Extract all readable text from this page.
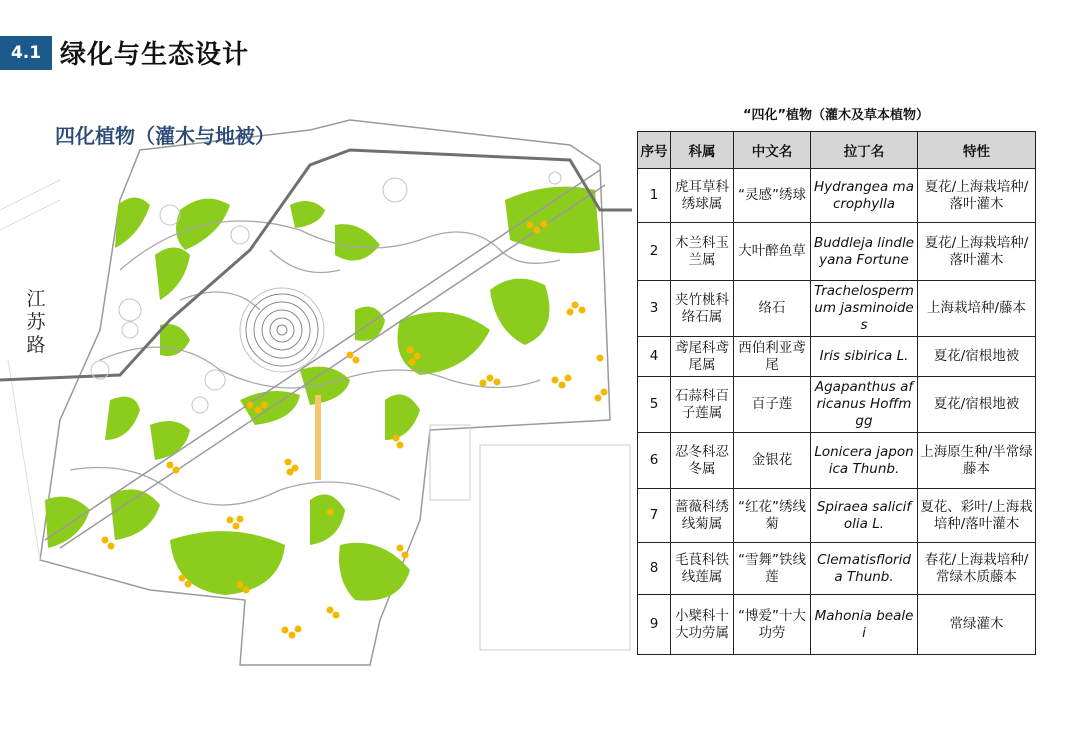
4.1 绿化与生态设计
四化植物（灌木与地被）
江苏路
“四化”植物（灌木及草本植物）
序号	科属	中文名	拉丁名	特性
1	虎耳草科绣球属	“灵感”绣球	Hydrangea macrophylla	夏花/上海栽培种/落叶灌木
2	木兰科玉兰属	大叶醉鱼草	Buddleja lindleyana Fortune	夏花/上海栽培种/落叶灌木
3	夹竹桃科络石属	络石	Trachelospermum jasminoides	上海栽培种/藤本
4	鸢尾科鸢尾属	西伯利亚鸢尾	Iris sibirica L.	夏花/宿根地被
5	石蒜科百子莲属	百子莲	Agapanthus africanus Hoffmgg	夏花/宿根地被
6	忍冬科忍冬属	金银花	Lonicera japonica Thunb.	上海原生种/半常绿藤本
7	蔷薇科绣线菊属	“红花”绣线菊	Spiraea salicifolia L.	夏花、彩叶/上海栽培种/落叶灌木
8	毛茛科铁线莲属	“雪舞”铁线莲	Clematisflorida Thunb.	春花/上海栽培种/常绿木质藤本
9	小檗科十大功劳属	“博爱”十大功劳	Mahonia bealei	常绿灌木
